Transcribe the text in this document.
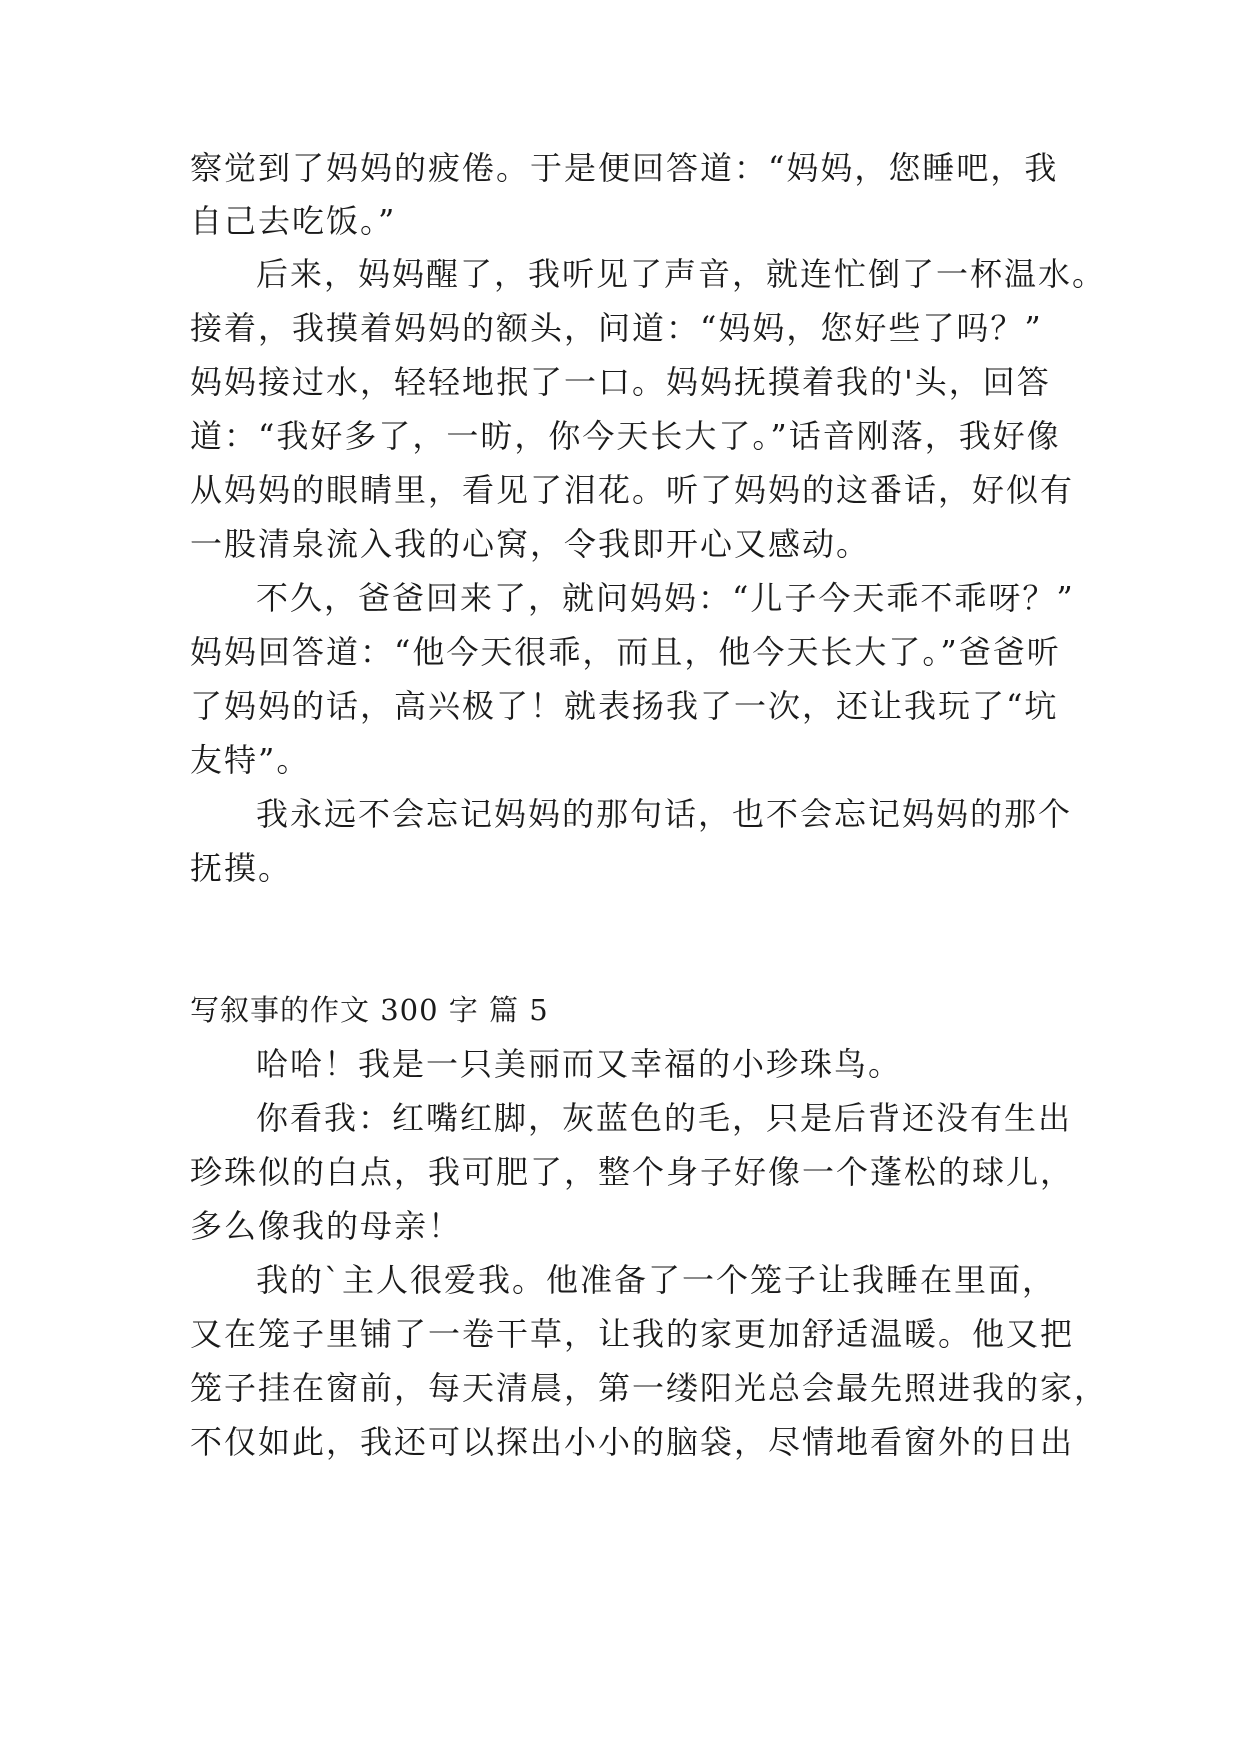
察觉到了妈妈的疲倦。于是便回答道：“妈妈，您睡吧，我
自己去吃饭。”
后来，妈妈醒了，我听见了声音，就连忙倒了一杯温水。
接着，我摸着妈妈的额头，问道：“妈妈，您好些了吗？”
妈妈接过水，轻轻地抿了一口。妈妈抚摸着我的'头，回答
道：“我好多了，一昉，你今天长大了。”话音刚落，我好像
从妈妈的眼睛里，看见了泪花。听了妈妈的这番话，好似有
一股清泉流入我的心窝，令我即开心又感动。
不久，爸爸回来了，就问妈妈：“儿子今天乖不乖呀？”
妈妈回答道：“他今天很乖，而且，他今天长大了。”爸爸听
了妈妈的话，高兴极了！就表扬我了一次，还让我玩了“坑
友特”。
我永远不会忘记妈妈的那句话，也不会忘记妈妈的那个
抚摸。
写叙事的作文 300 字 篇 5
哈哈！我是一只美丽而又幸福的小珍珠鸟。
你看我：红嘴红脚，灰蓝色的毛，只是后背还没有生出
珍珠似的白点，我可肥了，整个身子好像一个蓬松的球儿，
多么像我的母亲！
我的`主人很爱我。他准备了一个笼子让我睡在里面，
又在笼子里铺了一卷干草，让我的家更加舒适温暖。他又把
笼子挂在窗前，每天清晨，第一缕阳光总会最先照进我的家，
不仅如此，我还可以探出小小的脑袋，尽情地看窗外的日出
